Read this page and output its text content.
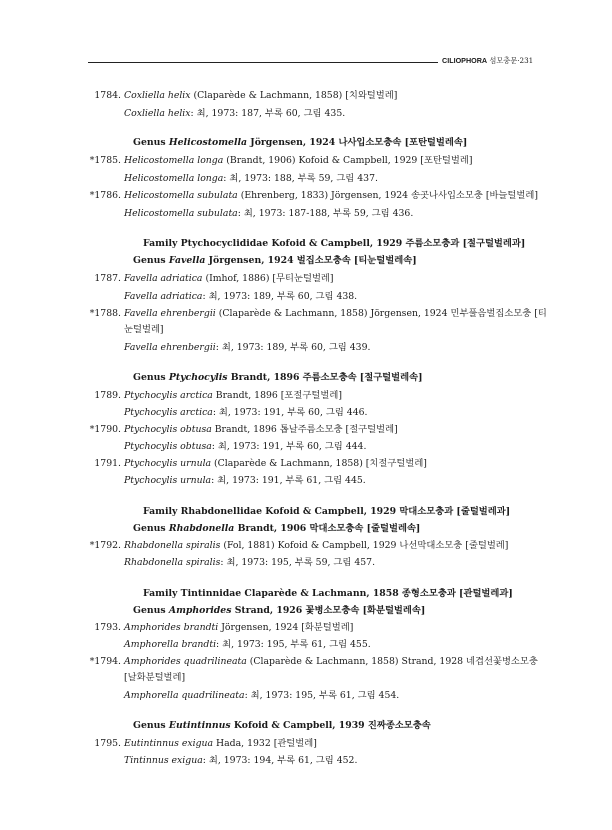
CILIOPHORA 섬모충문·231
1784. Coxliella helix (Claparède & Lachmann, 1858) [치와털벌레]
Coxliella helix: 최, 1973: 187, 부록 60, 그림 435.
Genus Helicostomella Jörgensen, 1924 나사입소모충속 [포탄털벌레속]
*1785. Helicostomella longa (Brandt, 1906) Kofoid & Campbell, 1929 [포탄털벌레]
Helicostomella longa: 최, 1973: 188, 부록 59, 그림 437.
*1786. Helicostomella subulata (Ehrenberg, 1833) Jörgensen, 1924 송곳나사입소모충 [바늘털벌레]
Helicostomella subulata: 최, 1973: 187-188, 부록 59, 그림 436.
Family Ptychocyclididae Kofoid & Campbell, 1929 주름소모충과 [절구털벌레과]
Genus Favella Jörgensen, 1924 벌집소모충속 [티눈털벌레속]
1787. Favella adriatica (Imhof, 1886) [무티눈털벌레]
Favella adriatica: 최, 1973: 189, 부록 60, 그림 438.
*1788. Favella ehrenbergii (Claparède & Lachmann, 1858) Jörgensen, 1924 민부풀음벌집소모충 [티
눈털벌레]
Favella ehrenbergii: 최, 1973: 189, 부록 60, 그림 439.
Genus Ptychocylis Brandt, 1896 주름소모충속 [절구털벌레속]
1789. Ptychocylis arctica Brandt, 1896 [포절구털벌레]
Ptychocylis arctica: 최, 1973: 191, 부록 60, 그림 446.
*1790. Ptychocylis obtusa Brandt, 1896 톱날주름소모충 [절구털벌레]
Ptychocylis obtusa: 최, 1973: 191, 부록 60, 그림 444.
1791. Ptychocylis urnula (Claparède & Lachmann, 1858) [치절구털벌레]
Ptychocylis urnula: 최, 1973: 191, 부록 61, 그림 445.
Family Rhabdonellidae Kofoid & Campbell, 1929 막대소모충과 [줄털벌레과]
Genus Rhabdonella Brandt, 1906 막대소모충속 [줄털벌레속]
*1792. Rhabdonella spiralis (Fol, 1881) Kofoid & Campbell, 1929 나선막대소모충 [줄털벌레]
Rhabdonella spiralis: 최, 1973: 195, 부록 59, 그림 457.
Family Tintinnidae Claparède & Lachmann, 1858 종형소모충과 [관털벌레과]
Genus Amphorides Strand, 1926 꽃병소모충속 [화분털벌레속]
1793. Amphorides brandti Jörgensen, 1924 [화분털벌레]
Amphorella brandti: 최, 1973: 195, 부록 61, 그림 455.
*1794. Amphorides quadrilineata (Claparède & Lachmann, 1858) Strand, 1928 네겹선꽃병소모충
[날화분털벌레]
Amphorella quadrilineata: 최, 1973: 195, 부록 61, 그림 454.
Genus Eutintinnus Kofoid & Campbell, 1939 진짜종소모충속
1795. Eutintinnus exigua Hada, 1932 [관털벌레]
Tintinnus exigua: 최, 1973: 194, 부록 61, 그림 452.
